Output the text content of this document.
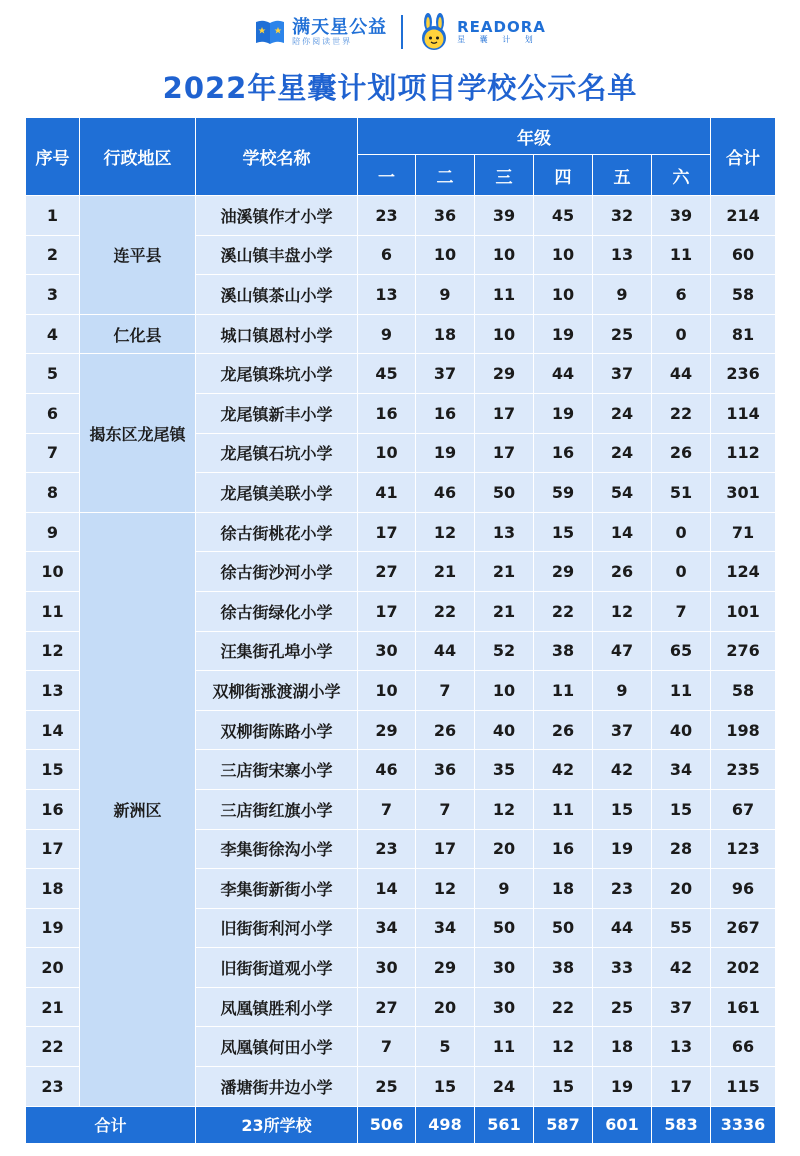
满天星公益
陪你阅读世界
READORA
星 囊 计 划
2022年星囊计划项目学校公示名单
序号	行政地区	学校名称	年级						合计
			一	二	三	四	五	六	
1	连平县	油溪镇作才小学	23	36	39	45	32	39	214
2		溪山镇丰盘小学	6	10	10	10	13	11	60
3		溪山镇茶山小学	13	9	11	10	9	6	58
4	仁化县	城口镇恩村小学	9	18	10	19	25	0	81
5	揭东区龙尾镇	龙尾镇珠坑小学	45	37	29	44	37	44	236
6		龙尾镇新丰小学	16	16	17	19	24	22	114
7		龙尾镇石坑小学	10	19	17	16	24	26	112
8		龙尾镇美联小学	41	46	50	59	54	51	301
9	新洲区	徐古街桃花小学	17	12	13	15	14	0	71
10		徐古街沙河小学	27	21	21	29	26	0	124
11		徐古街绿化小学	17	22	21	22	12	7	101
12		汪集街孔埠小学	30	44	52	38	47	65	276
13		双柳街涨渡湖小学	10	7	10	11	9	11	58
14		双柳街陈路小学	29	26	40	26	37	40	198
15		三店街宋寨小学	46	36	35	42	42	34	235
16		三店街红旗小学	7	7	12	11	15	15	67
17		李集街徐沟小学	23	17	20	16	19	28	123
18		李集街新街小学	14	12	9	18	23	20	96
19		旧街街利河小学	34	34	50	50	44	55	267
20		旧街街道观小学	30	29	30	38	33	42	202
21		凤凰镇胜利小学	27	20	30	22	25	37	161
22		凤凰镇何田小学	7	5	11	12	18	13	66
23		潘塘街井边小学	25	15	24	15	19	17	115
合计		23所学校	506	498	561	587	601	583	3336
